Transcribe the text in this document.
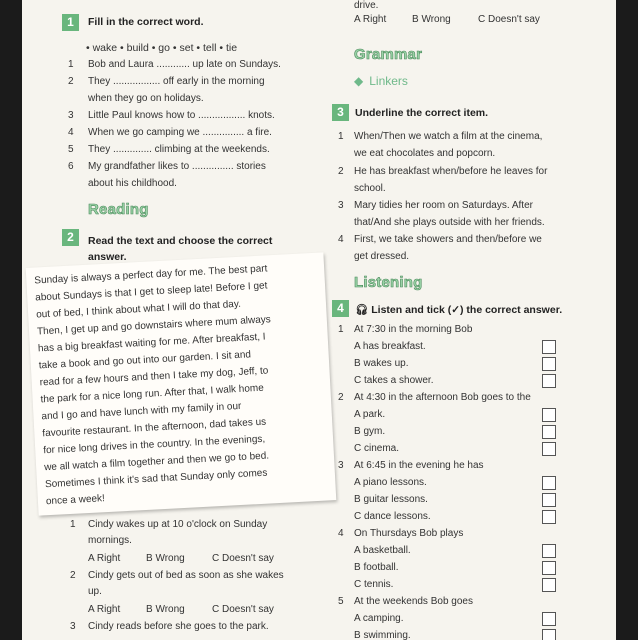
A Right	B Wrong	C Doesn't say
drive.
1	Fill in the correct word.
• wake • build • go • set • tell • tie
1 Bob and Laura ............ up late on Sundays.
2 They ................. off early in the morning
when they go on holidays.
3 Little Paul knows how to ................. knots.
4 When we go camping we ............... a fire.
5 They .............. climbing at the weekends.
6 My grandfather likes to ............... stories
about his childhood.
Reading
2	Read the text and choose the correct
answer.
Sunday is always a perfect day for me. The best part
about Sundays is that I get to sleep late! Before I get
out of bed, I think about what I will do that day.
Then, I get up and go downstairs where mum always
has a big breakfast waiting for me. After breakfast, I
take a book and go out into our garden. I sit and
read for a few hours and then I take my dog, Jeff, to
the park for a nice long run. After that, I walk home
and I go and have lunch with my family in our
favourite restaurant. In the afternoon, dad takes us
for nice long drives in the country. In the evenings,
we all watch a film together and then we go to bed.
Sometimes I think it's sad that Sunday only comes
once a week!
1 Cindy wakes up at 10 o'clock on Sunday
mornings.
A Right	B Wrong	C Doesn't say
2 Cindy gets out of bed as soon as she wakes
up.
A Right	B Wrong	C Doesn't say
3 Cindy reads before she goes to the park.
Grammar
◆ Linkers
3	Underline the correct item.
1 When/Then we watch a film at the cinema,
we eat chocolates and popcorn.
2 He has breakfast when/before he leaves for
school.
3 Mary tidies her room on Saturdays. After
that/And she plays outside with her friends.
4 First, we take showers and then/before we
get dressed.
Listening
4	🎧︎ Listen and tick (✓) the correct answer.
1 At 7:30 in the morning Bob
A has breakfast.
B wakes up.
C takes a shower.
2 At 4:30 in the afternoon Bob goes to the
A park.
B gym.
C cinema.
3 At 6:45 in the evening he has
A piano lessons.
B guitar lessons.
C dance lessons.
4 On Thursdays Bob plays
A basketball.
B football.
C tennis.
5 At the weekends Bob goes
A camping.
B swimming.
